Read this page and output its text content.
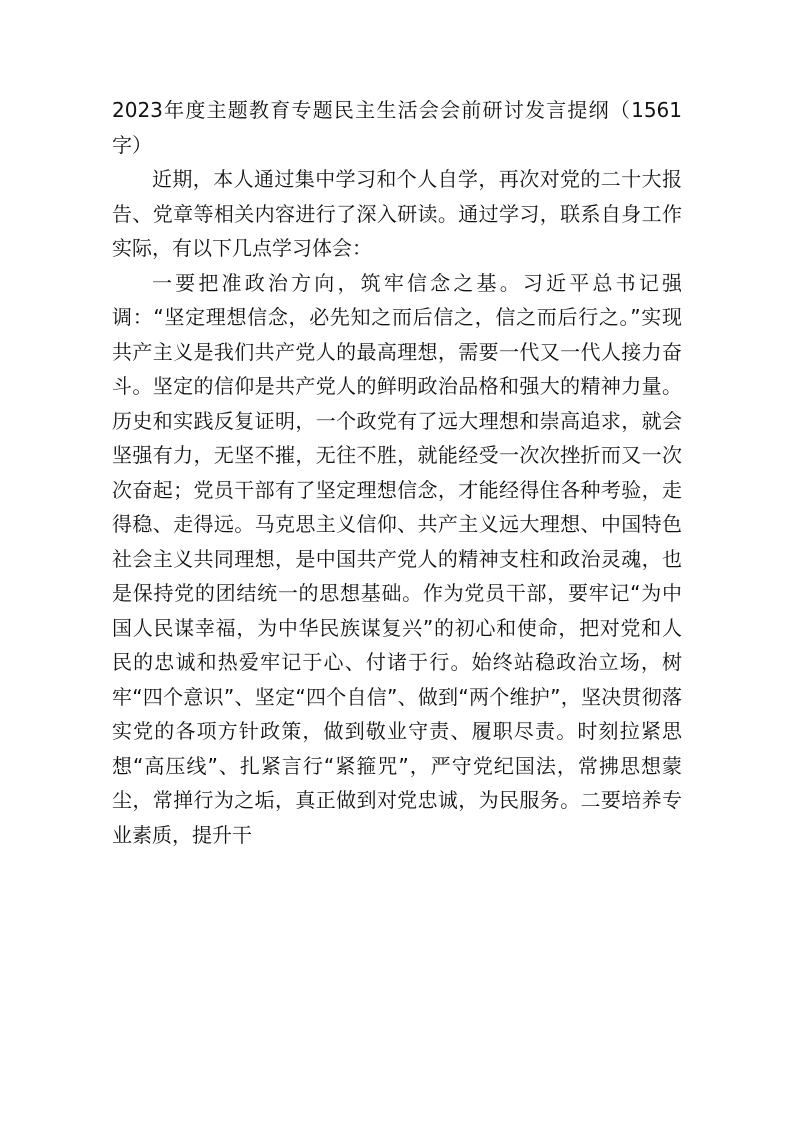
2023年度主题教育专题民主生活会会前研讨发言提纲（1561字）

近期，本人通过集中学习和个人自学，再次对党的二十大报告、党章等相关内容进行了深入研读。通过学习，联系自身工作实际，有以下几点学习体会：

一要把准政治方向，筑牢信念之基。习近平总书记强调：“坚定理想信念，必先知之而后信之，信之而后行之。”实现共产主义是我们共产党人的最高理想，需要一代又一代人接力奋斗。坚定的信仰是共产党人的鲜明政治品格和强大的精神力量。历史和实践反复证明，一个政党有了远大理想和崇高追求，就会坚强有力，无坚不摧，无往不胜，就能经受一次次挫折而又一次次奋起；党员干部有了坚定理想信念，才能经得住各种考验，走得稳、走得远。马克思主义信仰、共产主义远大理想、中国特色社会主义共同理想，是中国共产党人的精神支柱和政治灵魂，也是保持党的团结统一的思想基础。作为党员干部，要牢记“为中国人民谋幸福，为中华民族谋复兴”的初心和使命，把对党和人民的忠诚和热爱牢记于心、付诸于行。始终站稳政治立场，树牢“四个意识”、坚定“四个自信”、做到“两个维护”，坚决贯彻落实党的各项方针政策，做到敬业守责、履职尽责。时刻拉紧思想“高压线”、扎紧言行“紧箍咒”，严守党纪国法，常拂思想蒙尘，常掸行为之垢，真正做到对党忠诚，为民服务。二要培养专业素质，提升干
